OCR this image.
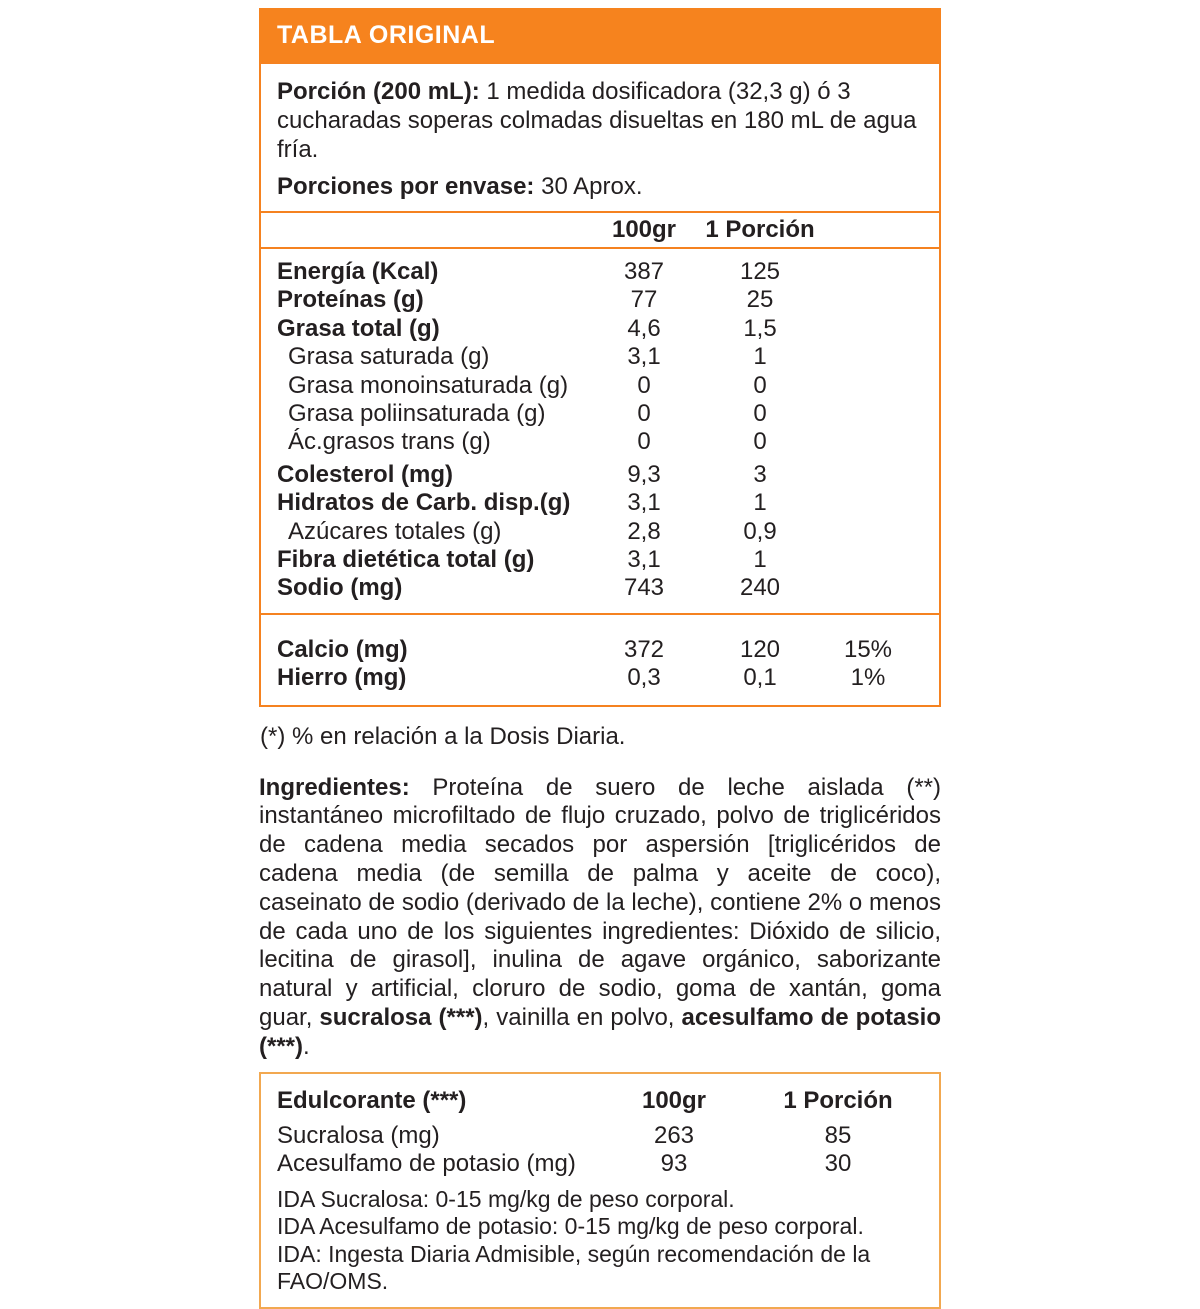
TABLA ORIGINAL

Porción (200 mL): 1 medida dosificadora (32,3 g) ó 3 cucharadas soperas colmadas disueltas en 180 mL de agua fría.

Porciones por envase: 30 Aprox.

100gr	1 Porción
Energía (Kcal)	387	125
Proteínas (g)	77	25
Grasa total (g)	4,6	1,5
Grasa saturada (g)	3,1	1
Grasa monoinsaturada (g)	0	0
Grasa poliinsaturada (g)	0	0
Ác.grasos trans (g)	0	0
Colesterol (mg)	9,3	3
Hidratos de Carb. disp.(g)	3,1	1
Azúcares totales (g)	2,8	0,9
Fibra dietética total (g)	3,1	1
Sodio (mg)	743	240
Calcio (mg)	372	120	15%
Hierro (mg)	0,3	0,1	1%

(*) % en relación a la Dosis Diaria.

Ingredientes: Proteína de suero de leche aislada (**) instantáneo microfiltado de flujo cruzado, polvo de triglicéridos de cadena media secados por aspersión [triglicéridos de cadena media (de semilla de palma y aceite de coco), caseinato de sodio (derivado de la leche), contiene 2% o menos de cada uno de los siguientes ingredientes: Dióxido de silicio, lecitina de girasol], inulina de agave orgánico, saborizante natural y artificial, cloruro de sodio, goma de xantán, goma guar, sucralosa (***), vainilla en polvo, acesulfamo de potasio (***).

Edulcorante (***)	100gr	1 Porción
Sucralosa (mg)	263	85
Acesulfamo de potasio (mg)	93	30
IDA Sucralosa: 0-15 mg/kg de peso corporal.
IDA Acesulfamo de potasio: 0-15 mg/kg de peso corporal.
IDA: Ingesta Diaria Admisible, según recomendación de la FAO/OMS.
